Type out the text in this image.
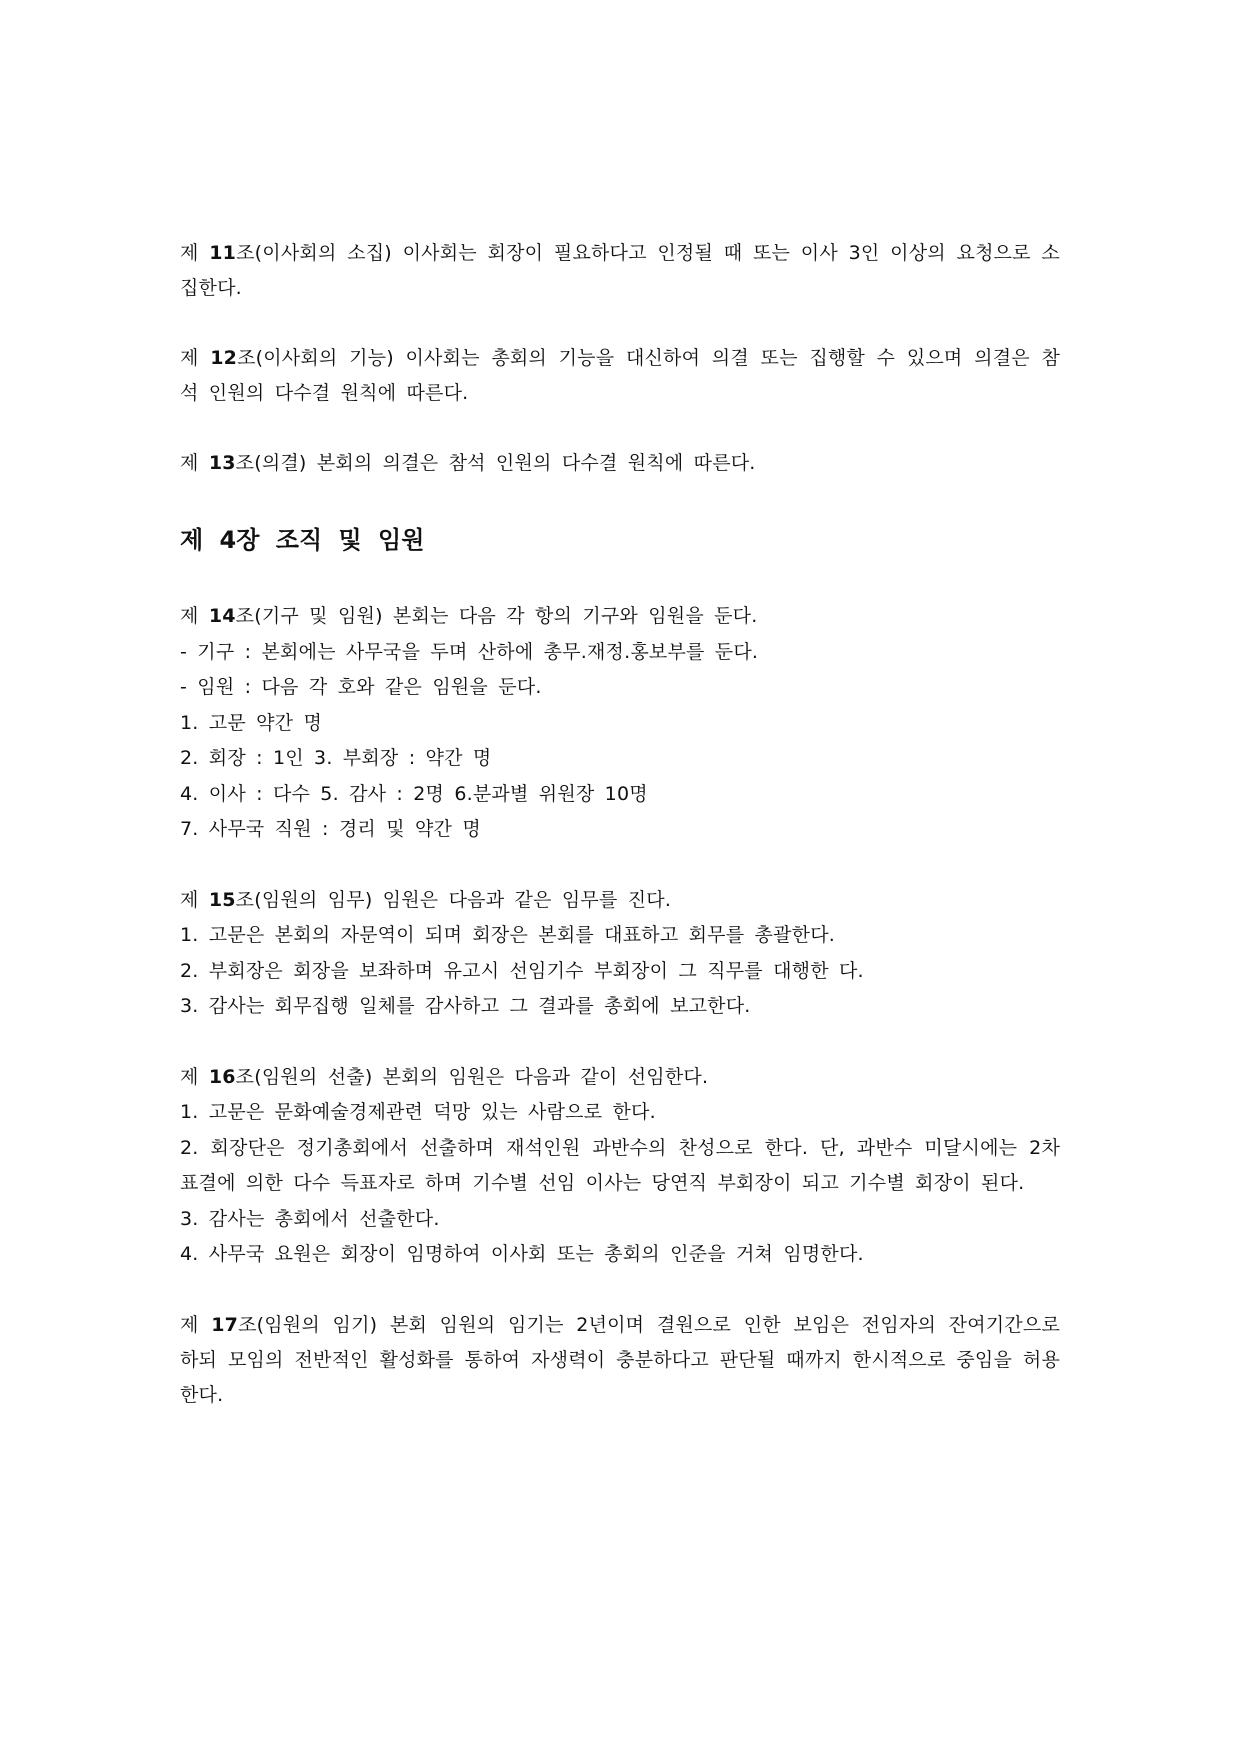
제 11조(이사회의 소집) 이사회는 회장이 필요하다고 인정될 때 또는 이사 3인 이상의 요청으로 소집한다.

제 12조(이사회의 기능) 이사회는 총회의 기능을 대신하여 의결 또는 집행할 수 있으며 의결은 참석 인원의 다수결 원칙에 따른다.

제 13조(의결) 본회의 의결은 참석 인원의 다수결 원칙에 따른다.

제 4장 조직 및 임원
제 14조(기구 및 임원) 본회는 다음 각 항의 기구와 임원을 둔다.
- 기구 : 본회에는 사무국을 두며 산하에 총무.재정.홍보부를 둔다.
- 임원 : 다음 각 호와 같은 임원을 둔다.
1. 고문 약간 명
2. 회장 : 1인 3. 부회장 : 약간 명
4. 이사 : 다수 5. 감사 : 2명 6.분과별 위원장 10명
7. 사무국 직원 : 경리 및 약간 명
제 15조(임원의 임무) 임원은 다음과 같은 임무를 진다.
1. 고문은 본회의 자문역이 되며 회장은 본회를 대표하고 회무를 총괄한다.
2. 부회장은 회장을 보좌하며 유고시 선임기수 부회장이 그 직무를 대행한 다.
3. 감사는 회무집행 일체를 감사하고 그 결과를 총회에 보고한다.
제 16조(임원의 선출) 본회의 임원은 다음과 같이 선임한다.
1. 고문은 문화예술경제관련 덕망 있는 사람으로 한다.
2. 회장단은 정기총회에서 선출하며 재석인원 과반수의 찬성으로 한다. 단, 과반수 미달시에는 2차 표결에 의한 다수 득표자로 하며 기수별 선임 이사는 당연직 부회장이 되고 기수별 회장이 된다.
3. 감사는 총회에서 선출한다.
4. 사무국 요원은 회장이 임명하여 이사회 또는 총회의 인준을 거쳐 임명한다.

제 17조(임원의 임기) 본회 임원의 임기는 2년이며 결원으로 인한 보임은 전임자의 잔여기간으로 하되 모임의 전반적인 활성화를 통하여 자생력이 충분하다고 판단될 때까지 한시적으로 중임을 허용한다.
